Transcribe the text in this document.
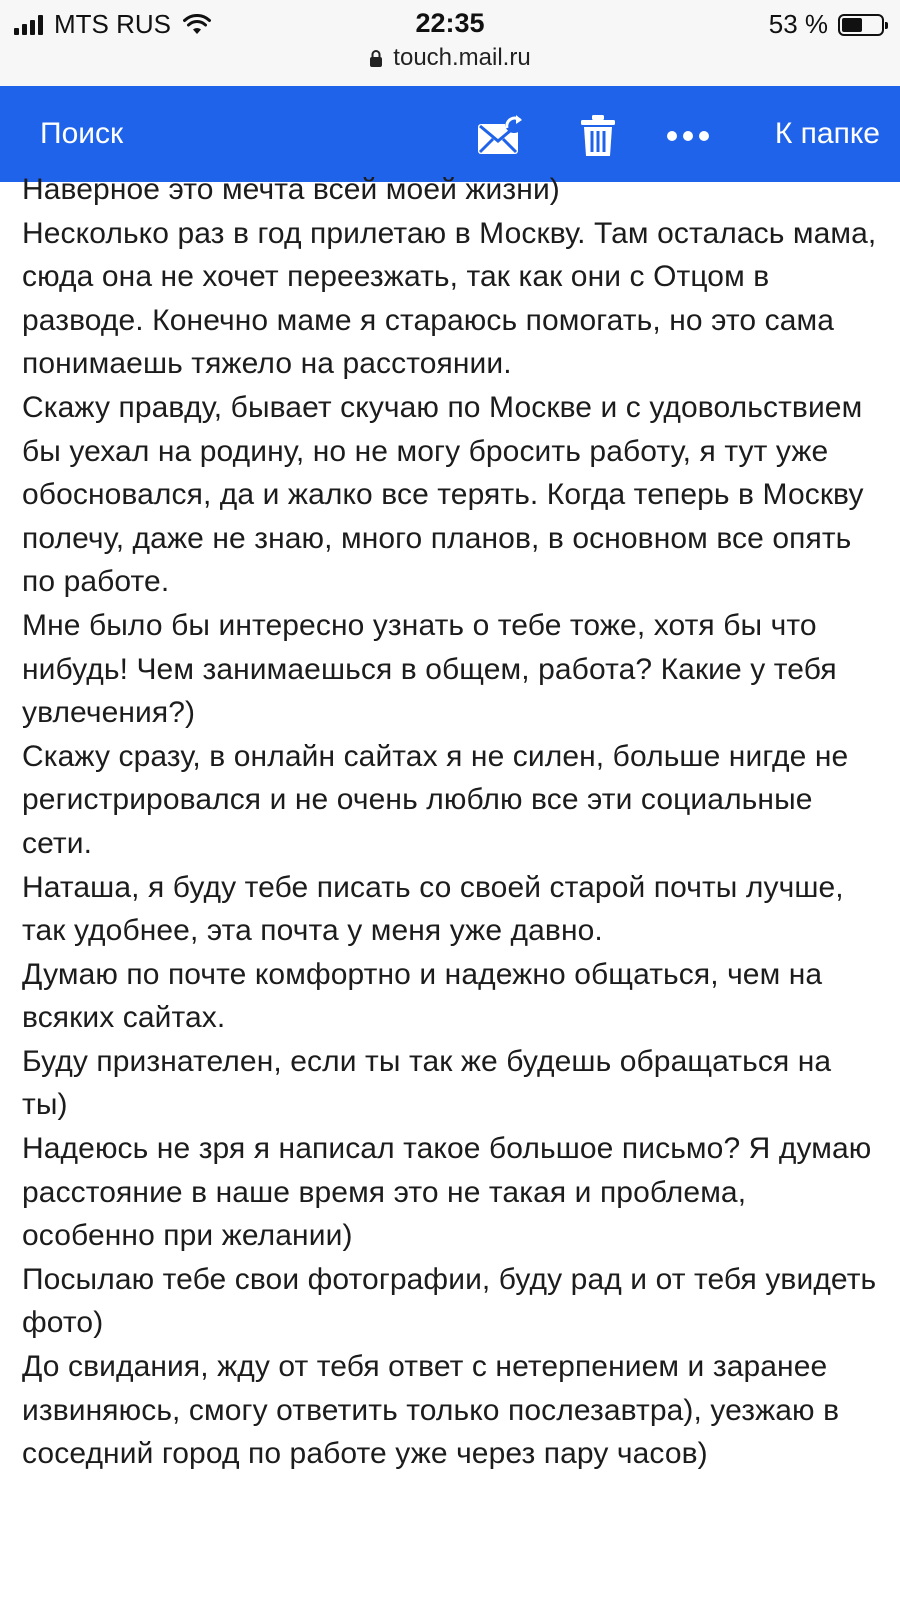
MTS RUS	22:35	53 %
touch.mail.ru
Поиск	К папке

Наверное это мечта всей моей жизни)

Несколько раз в год прилетаю в Москву. Там осталась мама, сюда она не хочет переезжать, так как они с Отцом в разводе. Конечно маме я стараюсь помогать, но это сама понимаешь тяжело на расстоянии.

Скажу правду, бывает скучаю по Москве и с удовольствием бы уехал на родину, но не могу бросить работу, я тут уже обосновался, да и жалко все терять. Когда теперь в Москву полечу, даже не знаю, много планов, в основном все опять по работе.

Мне было бы интересно узнать о тебе тоже, хотя бы что нибудь! Чем занимаешься в общем, работа? Какие у тебя увлечения?)

Скажу сразу, в онлайн сайтах я не силен, больше нигде не регистрировался и не очень люблю все эти социальные сети.

Наташа, я буду тебе писать со своей старой почты лучше, так удобнее, эта почта у меня уже давно.

Думаю по почте комфортно и надежно общаться, чем на всяких сайтах.

Буду признателен, если ты так же будешь обращаться на ты)

Надеюсь не зря я написал такое большое письмо? Я думаю расстояние в наше время это не такая и проблема, особенно при желании)

Посылаю тебе свои фотографии, буду рад и от тебя увидеть фото)

До свидания, жду от тебя ответ с нетерпением и заранее извиняюсь, смогу ответить только послезавтра), уезжаю в соседний город по работе уже через пару часов)
